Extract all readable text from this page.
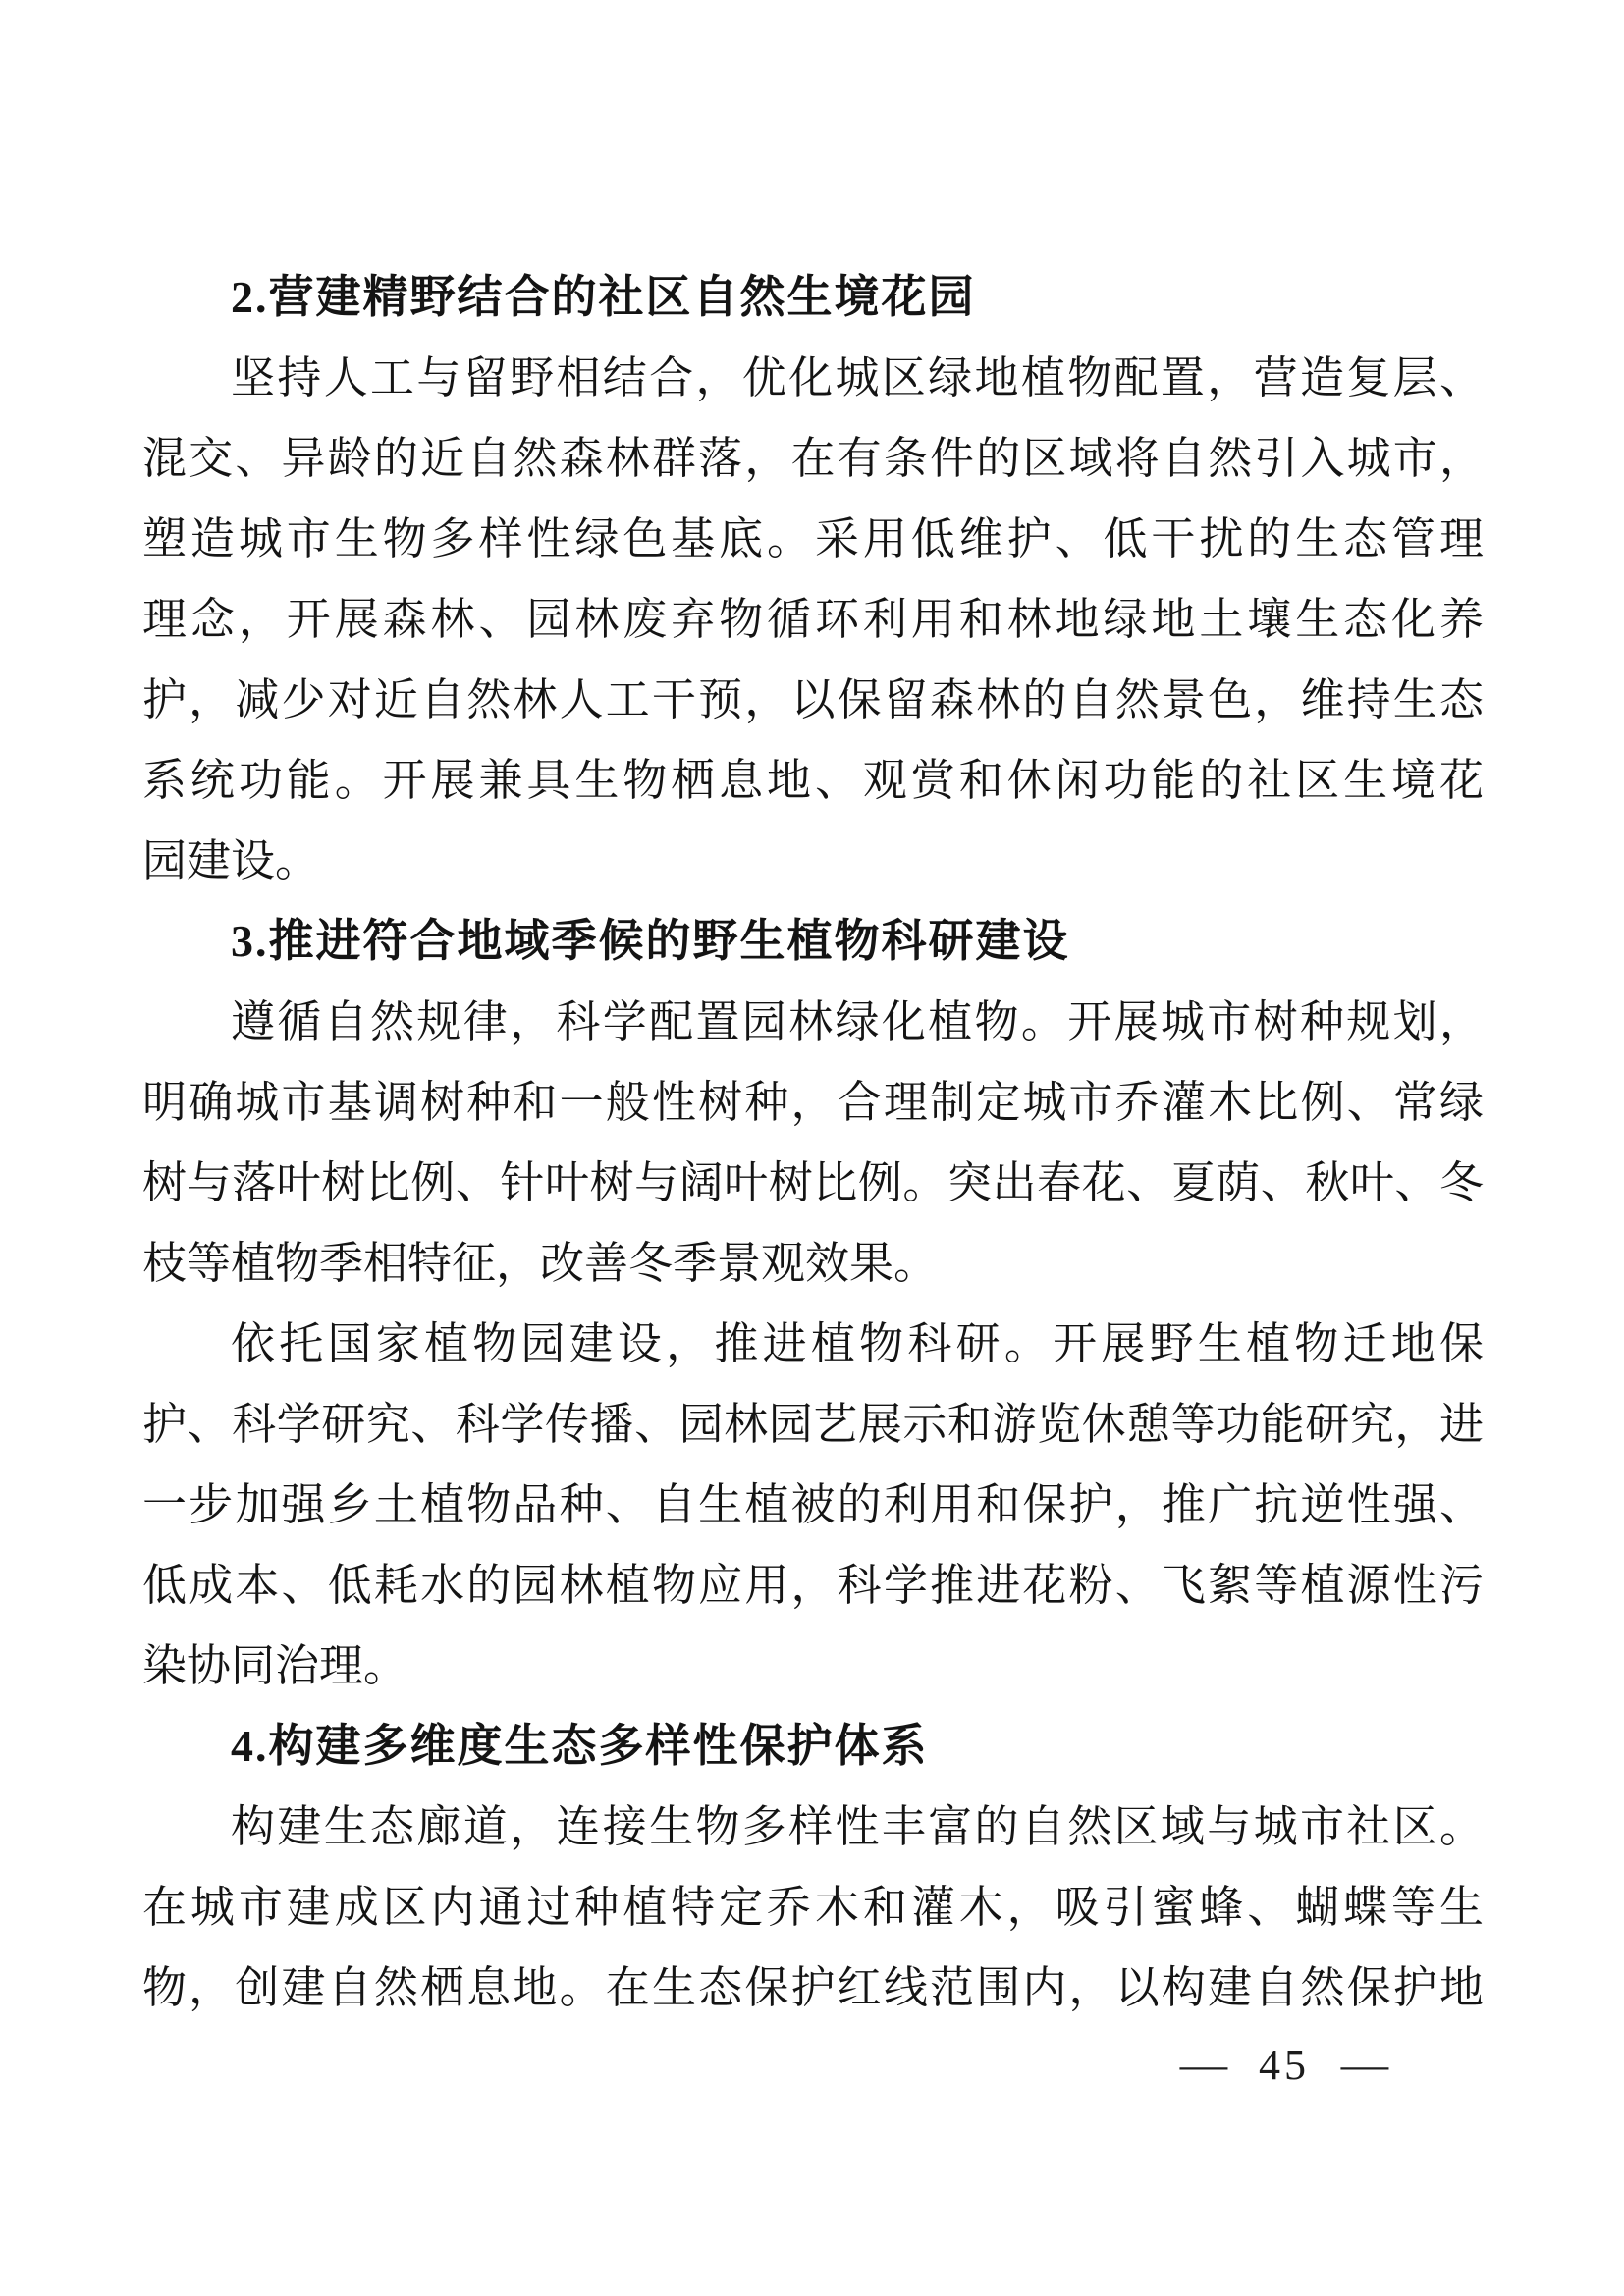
2.营建精野结合的社区自然生境花园
坚持人工与留野相结合，优化城区绿地植物配置，营造复层、
混交、异龄的近自然森林群落，在有条件的区域将自然引入城市，
塑造城市生物多样性绿色基底。采用低维护、低干扰的生态管理
理念，开展森林、园林废弃物循环利用和林地绿地土壤生态化养
护，减少对近自然林人工干预，以保留森林的自然景色，维持生态
系统功能。开展兼具生物栖息地、观赏和休闲功能的社区生境花
园建设。
3.推进符合地域季候的野生植物科研建设
遵循自然规律，科学配置园林绿化植物。开展城市树种规划，
明确城市基调树种和一般性树种，合理制定城市乔灌木比例、常绿
树与落叶树比例、针叶树与阔叶树比例。突出春花、夏荫、秋叶、冬
枝等植物季相特征，改善冬季景观效果。
依托国家植物园建设，推进植物科研。开展野生植物迁地保
护、科学研究、科学传播、园林园艺展示和游览休憩等功能研究，进
一步加强乡土植物品种、自生植被的利用和保护，推广抗逆性强、
低成本、低耗水的园林植物应用，科学推进花粉、飞絮等植源性污
染协同治理。
4.构建多维度生态多样性保护体系
构建生态廊道，连接生物多样性丰富的自然区域与城市社区。
在城市建成区内通过种植特定乔木和灌木，吸引蜜蜂、蝴蝶等生
物，创建自然栖息地。在生态保护红线范围内，以构建自然保护地
— 45 —
